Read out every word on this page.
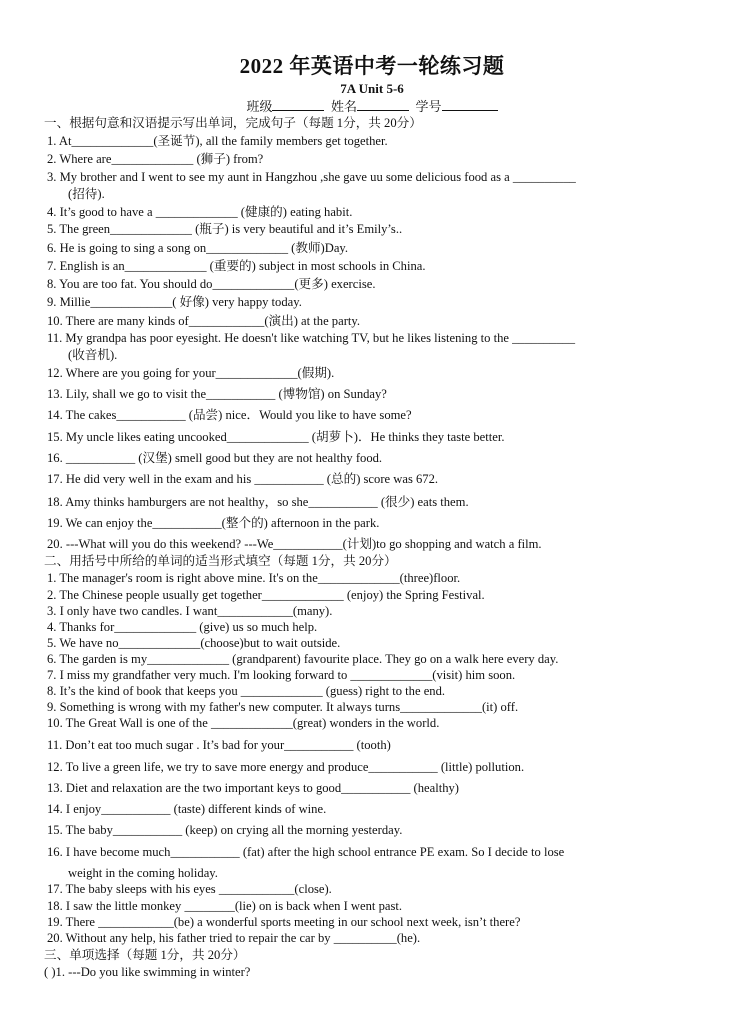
2022 年英语中考一轮练习题
7A Unit 5-6
班级	姓名	学号
一、根据句意和汉语提示写出单词，完成句子（每题 1分，共 20分）
1. At_____________(圣诞节), all the family members get together.
2. Where are_____________ (狮子) from?
3. My brother and I went to see my aunt in Hangzhou ,she gave uu some delicious food as a __________
4. It’s good to have a _____________ (健康的) eating habit.
5. The green_____________ (瓶子) is very beautiful and it’s Emily’s..
6. He is going to sing a song on_____________ (教师)Day.
7. English is an_____________ (重要的) subject in most schools in China.
8. You are too fat. You should do_____________(更多) exercise.
9. Millie_____________( 好像) very happy today.
10. There are many kinds of____________(演出) at the party.
11. My grandpa has poor eyesight. He doesn't like watching TV, but he likes listening to the __________
12. Where are you going for your_____________(假期).
13. Lily, shall we go to visit the___________ (博物馆) on Sunday?
14. The cakes___________ (品尝) nice．Would you like to have some?
15. My uncle likes eating uncooked_____________ (胡萝卜)．He thinks they taste better.
16. ___________ (汉堡) smell good but they are not healthy food.
17. He did very well in the exam and his ___________ (总的) score was 672.
18. Amy thinks hamburgers are not healthy，so she___________ (很少) eats them.
19. We can enjoy the___________(整个的) afternoon in the park.
20. ---What will you do this weekend? ---We___________(计划)to go shopping and watch a film.
(招待).
(收音机).
二、用括号中所给的单词的适当形式填空（每题 1分，共 20分）
1. The manager's room is right above mine. It's on the_____________(three)floor.
2. The Chinese people usually get together_____________ (enjoy) the Spring Festival.
3. I only have two candles. I want____________(many).
4. Thanks for_____________ (give) us so much help.
5. We have no_____________(choose)but to wait outside.
6. The garden is my_____________ (grandparent) favourite place. They go on a walk here every day.
7. I miss my grandfather very much. I'm looking forward to _____________(visit) him soon.
8. It’s the kind of book that keeps you _____________ (guess) right to the end.
9. Something is wrong with my father's new computer. It always turns_____________(it) off.
10. The Great Wall is one of the _____________(great) wonders in the world.
11. Don’t eat too much sugar . It’s bad for your___________ (tooth)
12. To live a green life, we try to save more energy and produce___________ (little) pollution.
13. Diet and relaxation are the two important keys to good___________ (healthy)
14. I enjoy___________ (taste) different kinds of wine.
15. The baby___________ (keep) on crying all the morning yesterday.
16. I have become much___________ (fat) after the high school entrance PE exam. So I decide to lose
17. The baby sleeps with his eyes ____________(close).
18. I saw the little monkey ________(lie) on is back when I went past.
19. There ____________(be) a wonderful sports meeting in our school next week, isn’t there?
20. Without any help, his father tried to repair the car by __________(he).
weight in the coming holiday.
三、单项选择（每题 1分，共 20分）
( )1. ---Do you like swimming in winter?
